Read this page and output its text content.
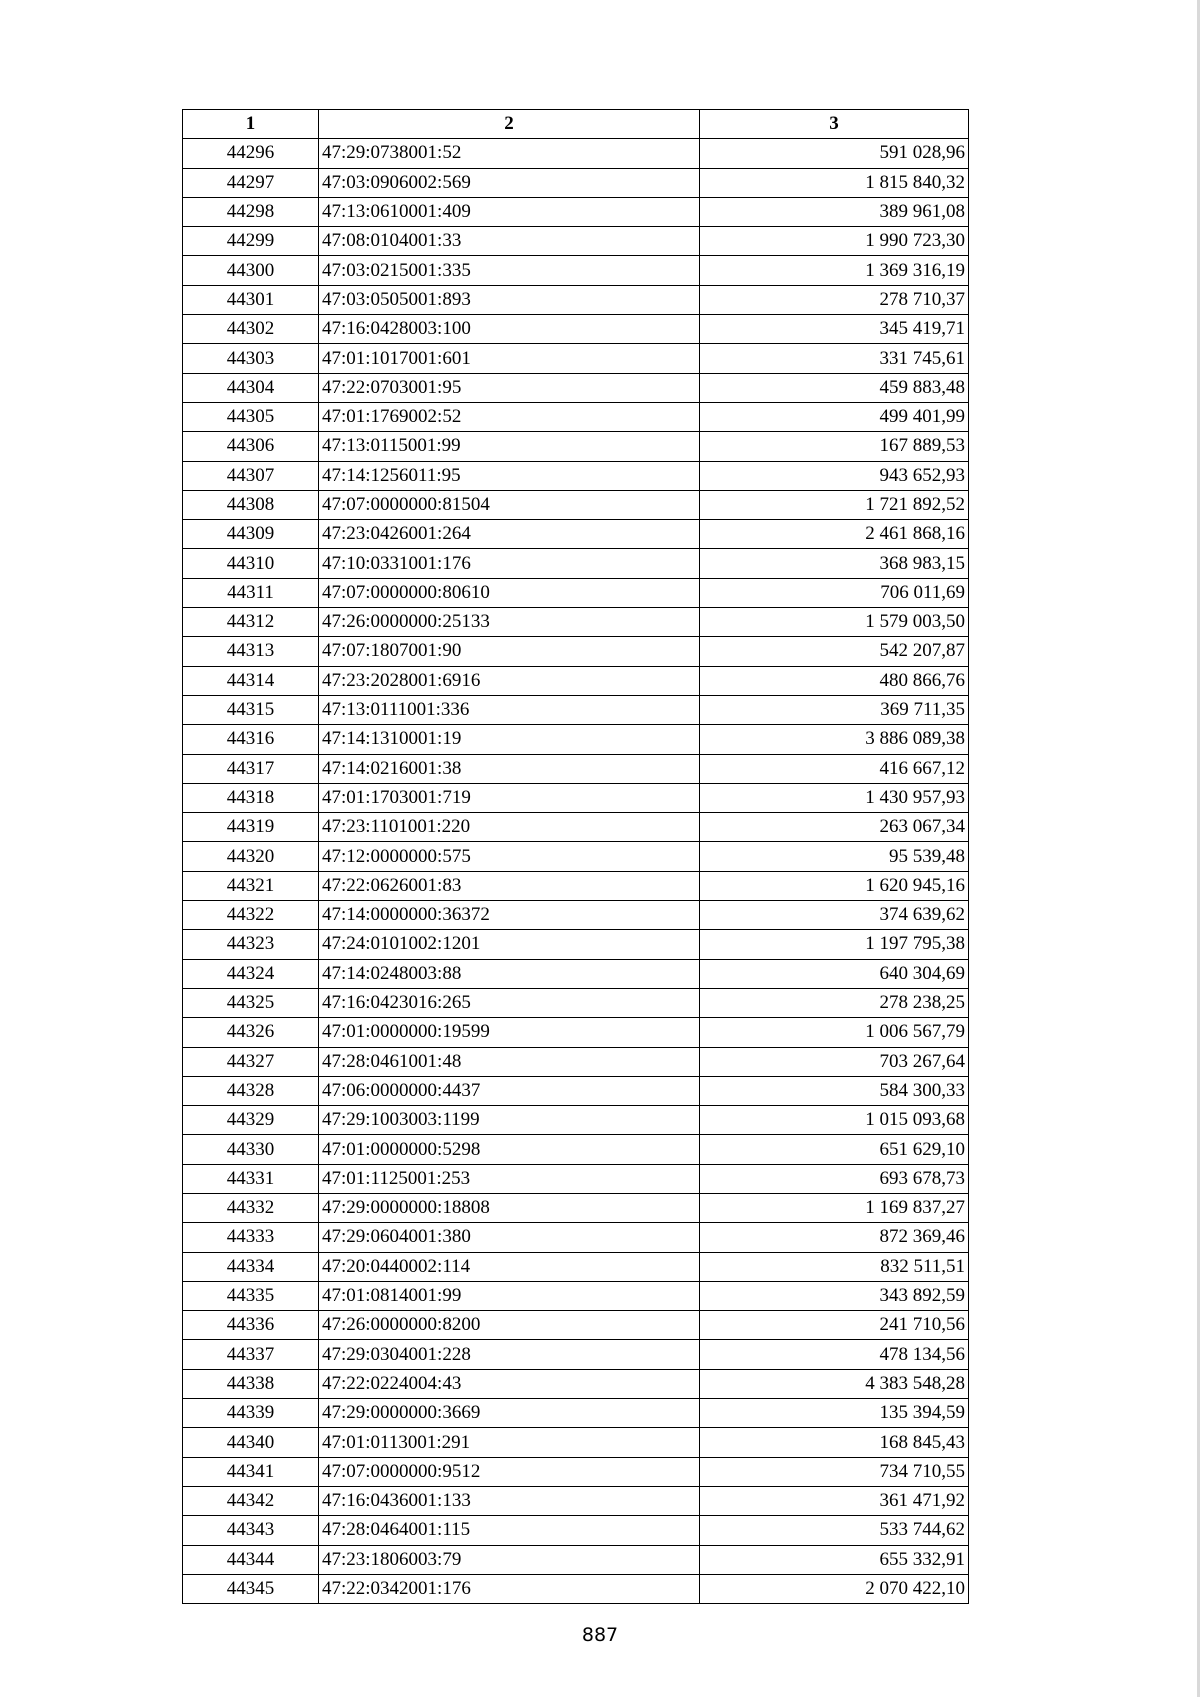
1	2	3
44296	47:29:0738001:52	591 028,96
44297	47:03:0906002:569	1 815 840,32
44298	47:13:0610001:409	389 961,08
44299	47:08:0104001:33	1 990 723,30
44300	47:03:0215001:335	1 369 316,19
44301	47:03:0505001:893	278 710,37
44302	47:16:0428003:100	345 419,71
44303	47:01:1017001:601	331 745,61
44304	47:22:0703001:95	459 883,48
44305	47:01:1769002:52	499 401,99
44306	47:13:0115001:99	167 889,53
44307	47:14:1256011:95	943 652,93
44308	47:07:0000000:81504	1 721 892,52
44309	47:23:0426001:264	2 461 868,16
44310	47:10:0331001:176	368 983,15
44311	47:07:0000000:80610	706 011,69
44312	47:26:0000000:25133	1 579 003,50
44313	47:07:1807001:90	542 207,87
44314	47:23:2028001:6916	480 866,76
44315	47:13:0111001:336	369 711,35
44316	47:14:1310001:19	3 886 089,38
44317	47:14:0216001:38	416 667,12
44318	47:01:1703001:719	1 430 957,93
44319	47:23:1101001:220	263 067,34
44320	47:12:0000000:575	95 539,48
44321	47:22:0626001:83	1 620 945,16
44322	47:14:0000000:36372	374 639,62
44323	47:24:0101002:1201	1 197 795,38
44324	47:14:0248003:88	640 304,69
44325	47:16:0423016:265	278 238,25
44326	47:01:0000000:19599	1 006 567,79
44327	47:28:0461001:48	703 267,64
44328	47:06:0000000:4437	584 300,33
44329	47:29:1003003:1199	1 015 093,68
44330	47:01:0000000:5298	651 629,10
44331	47:01:1125001:253	693 678,73
44332	47:29:0000000:18808	1 169 837,27
44333	47:29:0604001:380	872 369,46
44334	47:20:0440002:114	832 511,51
44335	47:01:0814001:99	343 892,59
44336	47:26:0000000:8200	241 710,56
44337	47:29:0304001:228	478 134,56
44338	47:22:0224004:43	4 383 548,28
44339	47:29:0000000:3669	135 394,59
44340	47:01:0113001:291	168 845,43
44341	47:07:0000000:9512	734 710,55
44342	47:16:0436001:133	361 471,92
44343	47:28:0464001:115	533 744,62
44344	47:23:1806003:79	655 332,91
44345	47:22:0342001:176	2 070 422,10
887
